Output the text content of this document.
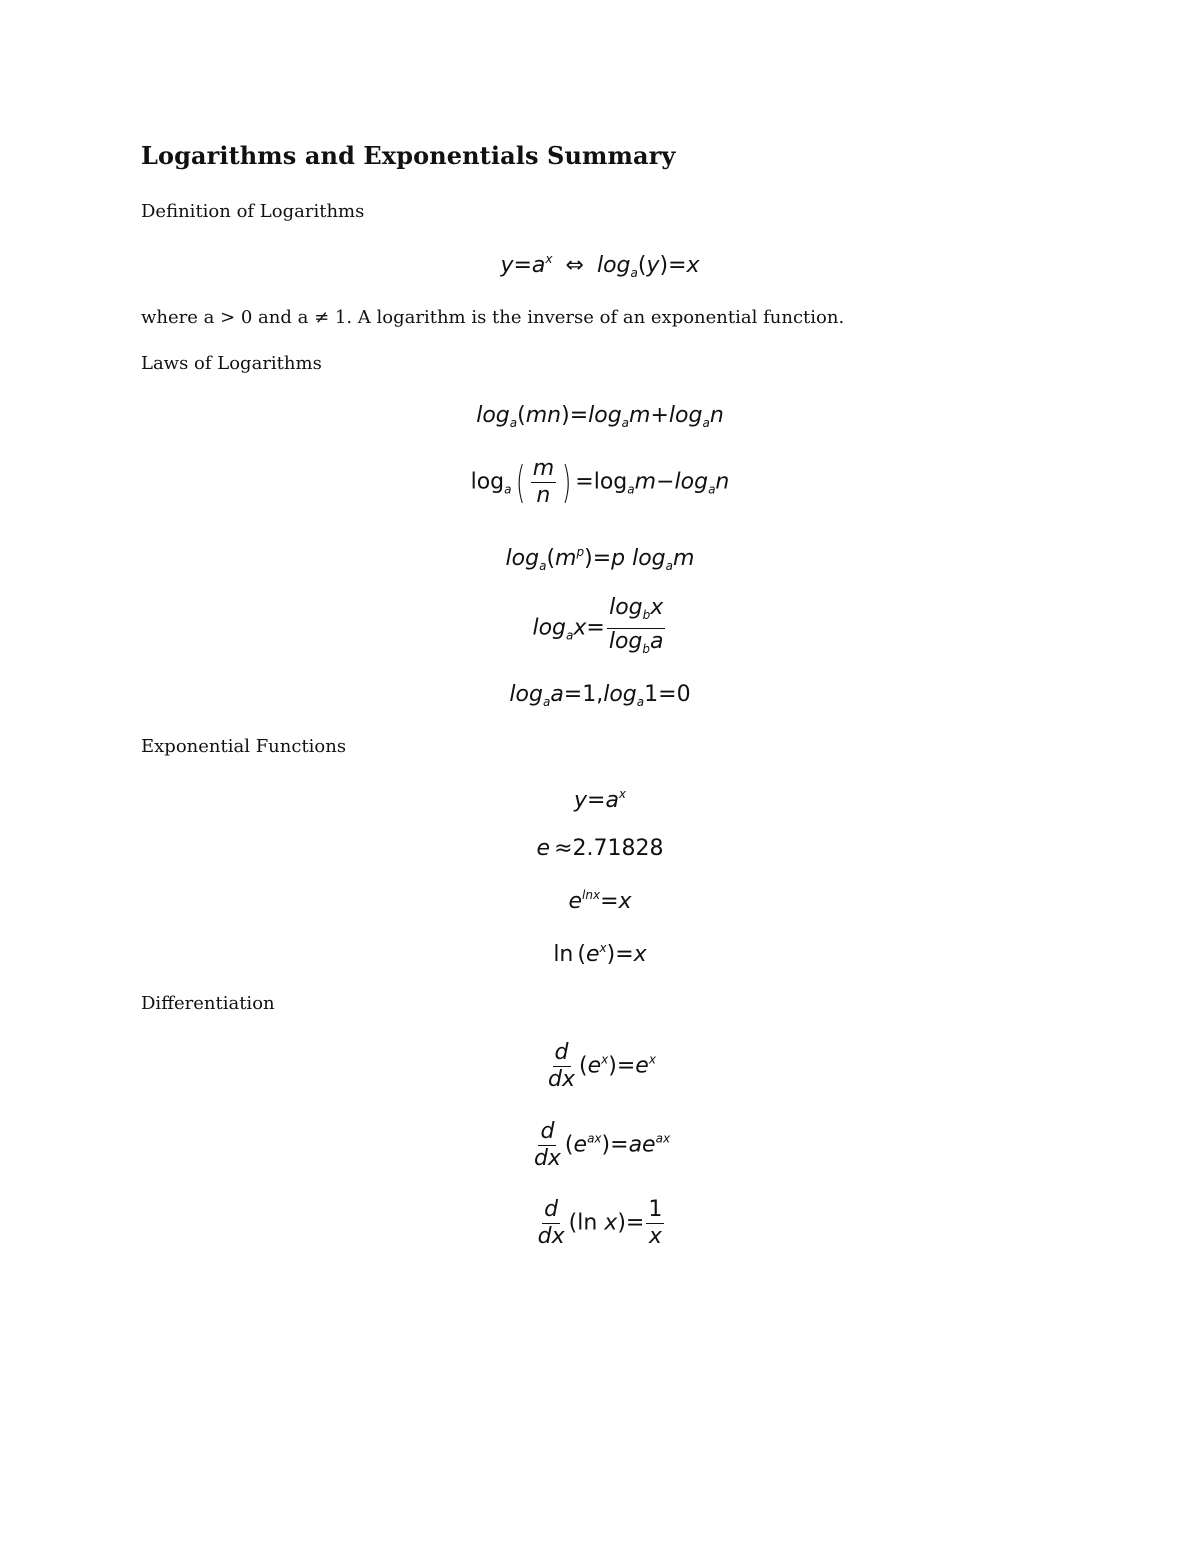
Logarithms and Exponentials Summary
Definition of Logarithms
$y=a^x$ ⇔ $\log_a(y)=x$
where a > 0 and a ≠ 1. A logarithm is the inverse of an exponential function.
Laws of Logarithms
$\log_a(mn)=\log_am+\log_an$
$\log_a( \frac{m}{n}$ ) $=\log_am-\log_an$
$\log_a(m^p)=p$ $\log_am$
$\log_ax= \frac{\log_bx}{\log_ba}$
$\log_aa=1,\log_a1=0$
Exponential Functions
$y=a^x$
e ≈2.71828
$e^{lnx}=x$
$\ln (e^x)=x$
Differentiation
$\frac{d}{dx} (e^x)=e^x$
$\frac{d}{dx} (e^{ax})=ae^{ax}$
$\frac{d}{dx} (\ln$ $x)= \frac{1}{x}$
